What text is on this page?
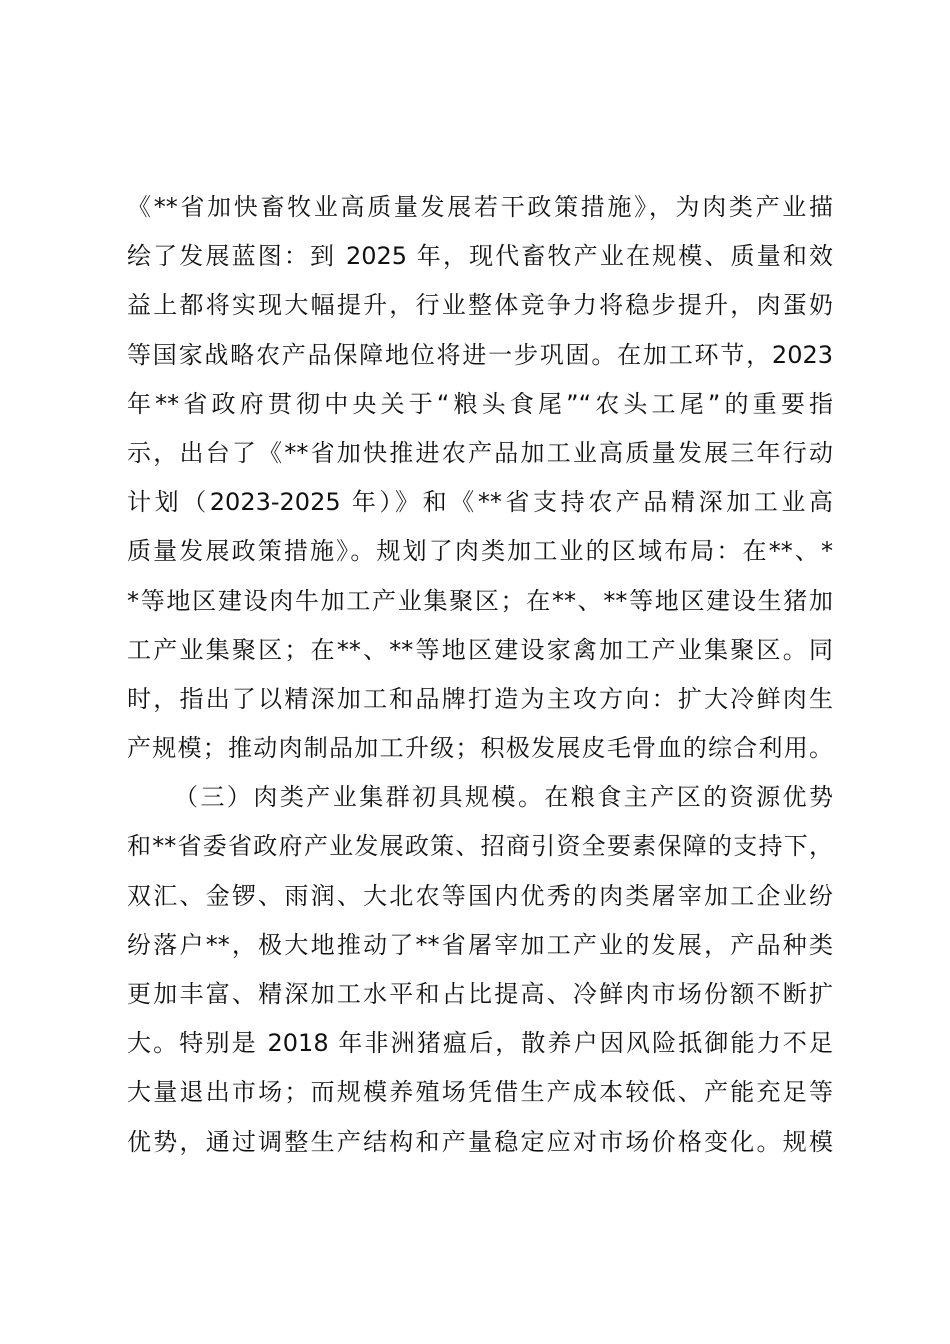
《**省加快畜牧业高质量发展若干政策措施》，为肉类产业描
绘了发展蓝图：到 2025 年，现代畜牧产业在规模、质量和效
益上都将实现大幅提升，行业整体竞争力将稳步提升，肉蛋奶
等国家战略农产品保障地位将进一步巩固。在加工环节，2023
年**省政府贯彻中央关于“粮头食尾”“农头工尾”的重要指
示，出台了《**省加快推进农产品加工业高质量发展三年行动
计划（2023-2025 年）》和《**省支持农产品精深加工业高
质量发展政策措施》。规划了肉类加工业的区域布局：在**、*
*等地区建设肉牛加工产业集聚区；在**、**等地区建设生猪加
工产业集聚区；在**、**等地区建设家禽加工产业集聚区。同
时，指出了以精深加工和品牌打造为主攻方向：扩大冷鲜肉生
产规模；推动肉制品加工升级；积极发展皮毛骨血的综合利用。
（三）肉类产业集群初具规模。在粮食主产区的资源优势
和**省委省政府产业发展政策、招商引资全要素保障的支持下，
双汇、金锣、雨润、大北农等国内优秀的肉类屠宰加工企业纷
纷落户**，极大地推动了**省屠宰加工产业的发展，产品种类
更加丰富、精深加工水平和占比提高、冷鲜肉市场份额不断扩
大。特别是 2018 年非洲猪瘟后，散养户因风险抵御能力不足
大量退出市场；而规模养殖场凭借生产成本较低、产能充足等
优势，通过调整生产结构和产量稳定应对市场价格变化。规模
